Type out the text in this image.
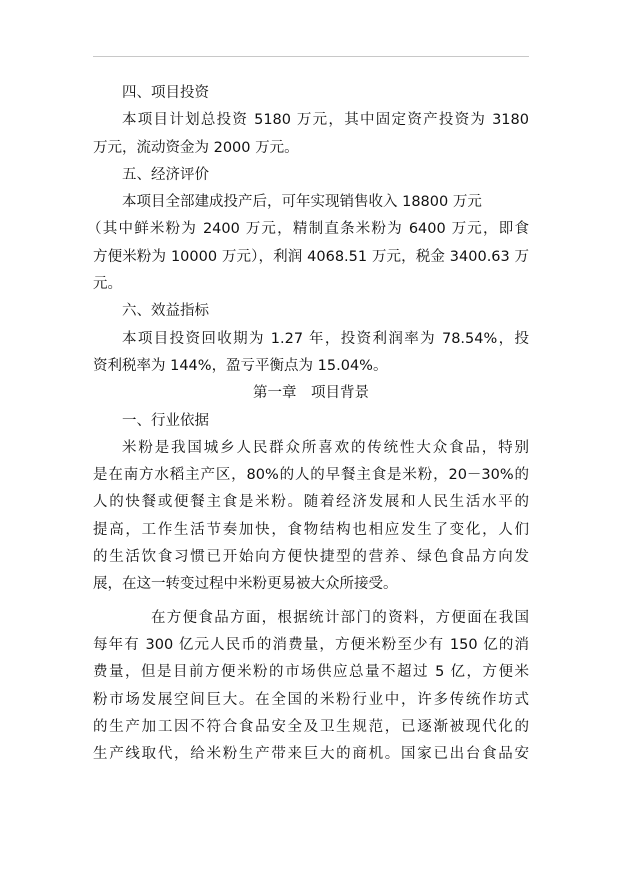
四、项目投资
本项目计划总投资 5180 万元，其中固定资产投资为 3180
万元，流动资金为 2000 万元。
五、经济评价
本项目全部建成投产后，可年实现销售收入 18800 万元
（其中鲜米粉为 2400 万元，精制直条米粉为 6400 万元，即食
方便米粉为 10000 万元），利润 4068.51 万元，税金 3400.63 万
元。
六、效益指标
本项目投资回收期为 1.27 年，投资利润率为 78.54%，投
资利税率为 144%，盈亏平衡点为 15.04%。
第一章　项目背景
一、行业依据
米粉是我国城乡人民群众所喜欢的传统性大众食品，特别
是在南方水稻主产区，80%的人的早餐主食是米粉，20－30%的
人的快餐或便餐主食是米粉。随着经济发展和人民生活水平的
提高，工作生活节奏加快，食物结构也相应发生了变化，人们
的生活饮食习惯已开始向方便快捷型的营养、绿色食品方向发
展，在这一转变过程中米粉更易被大众所接受。
在方便食品方面，根据统计部门的资料，方便面在我国
每年有 300 亿元人民币的消费量，方便米粉至少有 150 亿的消
费量，但是目前方便米粉的市场供应总量不超过 5 亿，方便米
粉市场发展空间巨大。在全国的米粉行业中，许多传统作坊式
的生产加工因不符合食品安全及卫生规范，已逐渐被现代化的
生产线取代，给米粉生产带来巨大的商机。国家已出台食品安
